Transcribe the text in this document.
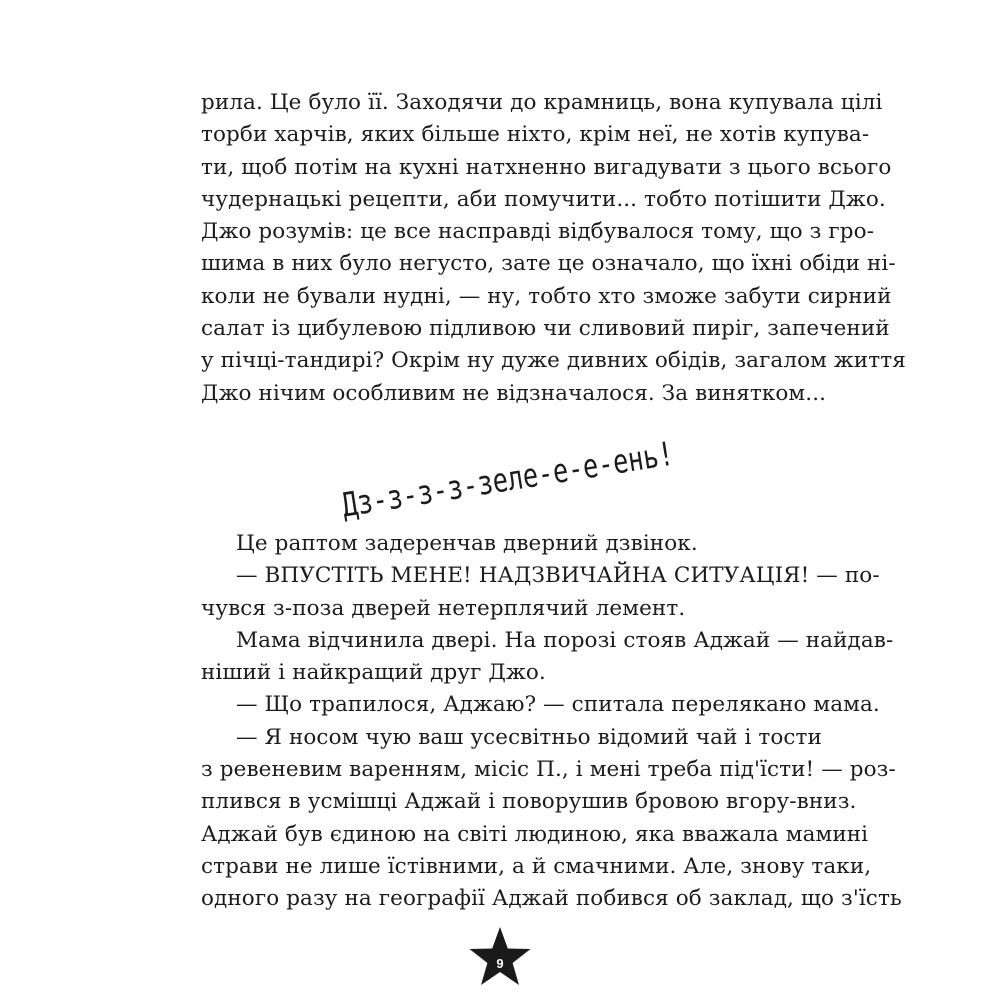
рила. Це було її. Заходячи до крамниць, вона купувала цілі
торби харчів, яких більше ніхто, крім неї, не хотів купува-
ти, щоб потім на кухні натхненно вигадувати з цього всього
чудернацькі рецепти, аби помучити... тобто потішити Джо.
Джо розумів: це все насправді відбувалося тому, що з гро-
шима в них було негусто, зате це означало, що їхні обіди ні-
коли не бували нудні, — ну, тобто хто зможе забути сирний
салат із цибулевою підливою чи сливовий пиріг, запечений
у пічці-тандирі? Окрім ну дуже дивних обідів, загалом життя
Джо нічим особливим не відзначалося. За винятком...
Дз-з-з-з-зеле-е-е-ень!
Це раптом задеренчав дверний дзвінок.
— ВПУСТІТЬ МЕНЕ! НАДЗВИЧАЙНА СИТУАЦІЯ! — по-
чувся з-поза дверей нетерплячий лемент.
Мама відчинила двері. На порозі стояв Аджай — найдав-
ніший і найкращий друг Джо.
— Що трапилося, Аджаю? — спитала перелякано мама.
— Я носом чую ваш усесвітньо відомий чай і тости
з ревеневим варенням, місіс П., і мені треба під'їсти! — роз-
плився в усмішці Аджай і поворушив бровою вгору-вниз.
Аджай був єдиною на світі людиною, яка вважала мамині
страви не лише їстівними, а й смачними. Але, знову таки,
одного разу на географії Аджай побився об заклад, що з'їсть
9
